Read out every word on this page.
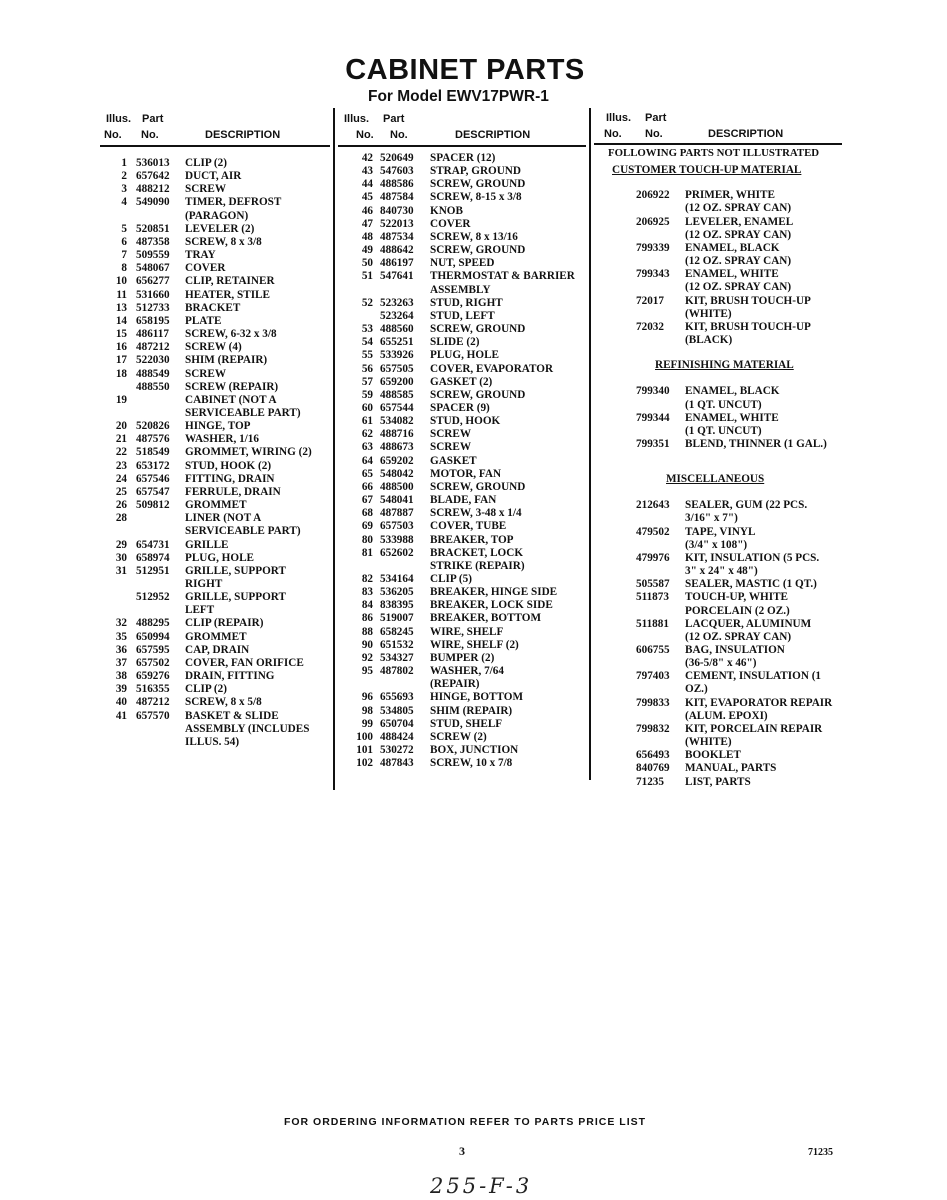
CABINET PARTS
For Model EWV17PWR-1
Illus. Part
No. No.	DESCRIPTION
1 536013 CLIP (2)
2 657642 DUCT, AIR
3 488212 SCREW
4 549090 TIMER, DEFROST
(PARAGON)
5 520851 LEVELER (2)
6 487358 SCREW, 8 x 3/8
7 509559 TRAY
8 548067 COVER
10 656277 CLIP, RETAINER
11 531660 HEATER, STILE
13 512733 BRACKET
14 658195 PLATE
15 486117 SCREW, 6-32 x 3/8
16 487212 SCREW (4)
17 522030 SHIM (REPAIR)
18 488549 SCREW
488550 SCREW (REPAIR)
19	CABINET (NOT A
SERVICEABLE PART)
20 520826 HINGE, TOP
21 487576 WASHER, 1/16
22 518549 GROMMET, WIRING (2)
23 653172 STUD, HOOK (2)
24 657546 FITTING, DRAIN
25 657547 FERRULE, DRAIN
26 509812 GROMMET
28	LINER (NOT A
SERVICEABLE PART)
29 654731 GRILLE
30 658974 PLUG, HOLE
31 512951 GRILLE, SUPPORT
RIGHT
512952 GRILLE, SUPPORT
LEFT
32 488295 CLIP (REPAIR)
35 650994 GROMMET
36 657595 CAP, DRAIN
37 657502 COVER, FAN ORIFICE
38 659276 DRAIN, FITTING
39 516355 CLIP (2)
40 487212 SCREW, 8 x 5/8
41 657570 BASKET & SLIDE
ASSEMBLY (INCLUDES
ILLUS. 54)
Illus. Part
No. No.	DESCRIPTION
42 520649 SPACER (12)
43 547603 STRAP, GROUND
44 488586 SCREW, GROUND
45 487584 SCREW, 8-15 x 3/8
46 840730 KNOB
47 522013 COVER
48 487534 SCREW, 8 x 13/16
49 488642 SCREW, GROUND
50 486197 NUT, SPEED
51 547641 THERMOSTAT & BARRIER
ASSEMBLY
52 523263 STUD, RIGHT
523264 STUD, LEFT
53 488560 SCREW, GROUND
54 655251 SLIDE (2)
55 533926 PLUG, HOLE
56 657505 COVER, EVAPORATOR
57 659200 GASKET (2)
59 488585 SCREW, GROUND
60 657544 SPACER (9)
61 534082 STUD, HOOK
62 488716 SCREW
63 488673 SCREW
64 659202 GASKET
65 548042 MOTOR, FAN
66 488500 SCREW, GROUND
67 548041 BLADE, FAN
68 487887 SCREW, 3-48 x 1/4
69 657503 COVER, TUBE
80 533988 BREAKER, TOP
81 652602 BRACKET, LOCK
STRIKE (REPAIR)
82 534164 CLIP (5)
83 536205 BREAKER, HINGE SIDE
84 838395 BREAKER, LOCK SIDE
86 519007 BREAKER, BOTTOM
88 658245 WIRE, SHELF
90 651532 WIRE, SHELF (2)
92 534327 BUMPER (2)
95 487802 WASHER, 7/64
(REPAIR)
96 655693 HINGE, BOTTOM
98 534805 SHIM (REPAIR)
99 650704 STUD, SHELF
100 488424 SCREW (2)
101 530272 BOX, JUNCTION
102 487843 SCREW, 10 x 7/8
Illus. Part
No. No.	DESCRIPTION
FOLLOWING PARTS NOT ILLUSTRATED
CUSTOMER TOUCH-UP MATERIAL
206922 PRIMER, WHITE
(12 OZ. SPRAY CAN)
206925 LEVELER, ENAMEL
(12 OZ. SPRAY CAN)
799339 ENAMEL, BLACK
(12 OZ. SPRAY CAN)
799343 ENAMEL, WHITE
(12 OZ. SPRAY CAN)
72017 KIT, BRUSH TOUCH-UP
(WHITE)
72032 KIT, BRUSH TOUCH-UP
(BLACK)
REFINISHING MATERIAL
799340 ENAMEL, BLACK
(1 QT. UNCUT)
799344 ENAMEL, WHITE
(1 QT. UNCUT)
799351 BLEND, THINNER (1 GAL.)
MISCELLANEOUS
212643 SEALER, GUM (22 PCS.
3/16" x 7")
479502 TAPE, VINYL
(3/4" x 108")
479976 KIT, INSULATION (5 PCS.
3" x 24" x 48")
505587 SEALER, MASTIC (1 QT.)
511873 TOUCH-UP, WHITE
PORCELAIN (2 OZ.)
511881 LACQUER, ALUMINUM
(12 OZ. SPRAY CAN)
606755 BAG, INSULATION
(36-5/8" x 46")
797403 CEMENT, INSULATION (1 OZ.)
799833 KIT, EVAPORATOR REPAIR
(ALUM. EPOXI)
799832 KIT, PORCELAIN REPAIR
(WHITE)
656493 BOOKLET
840769 MANUAL, PARTS
71235 LIST, PARTS
FOR ORDERING INFORMATION REFER TO PARTS PRICE LIST
3	71235
255-F-3
